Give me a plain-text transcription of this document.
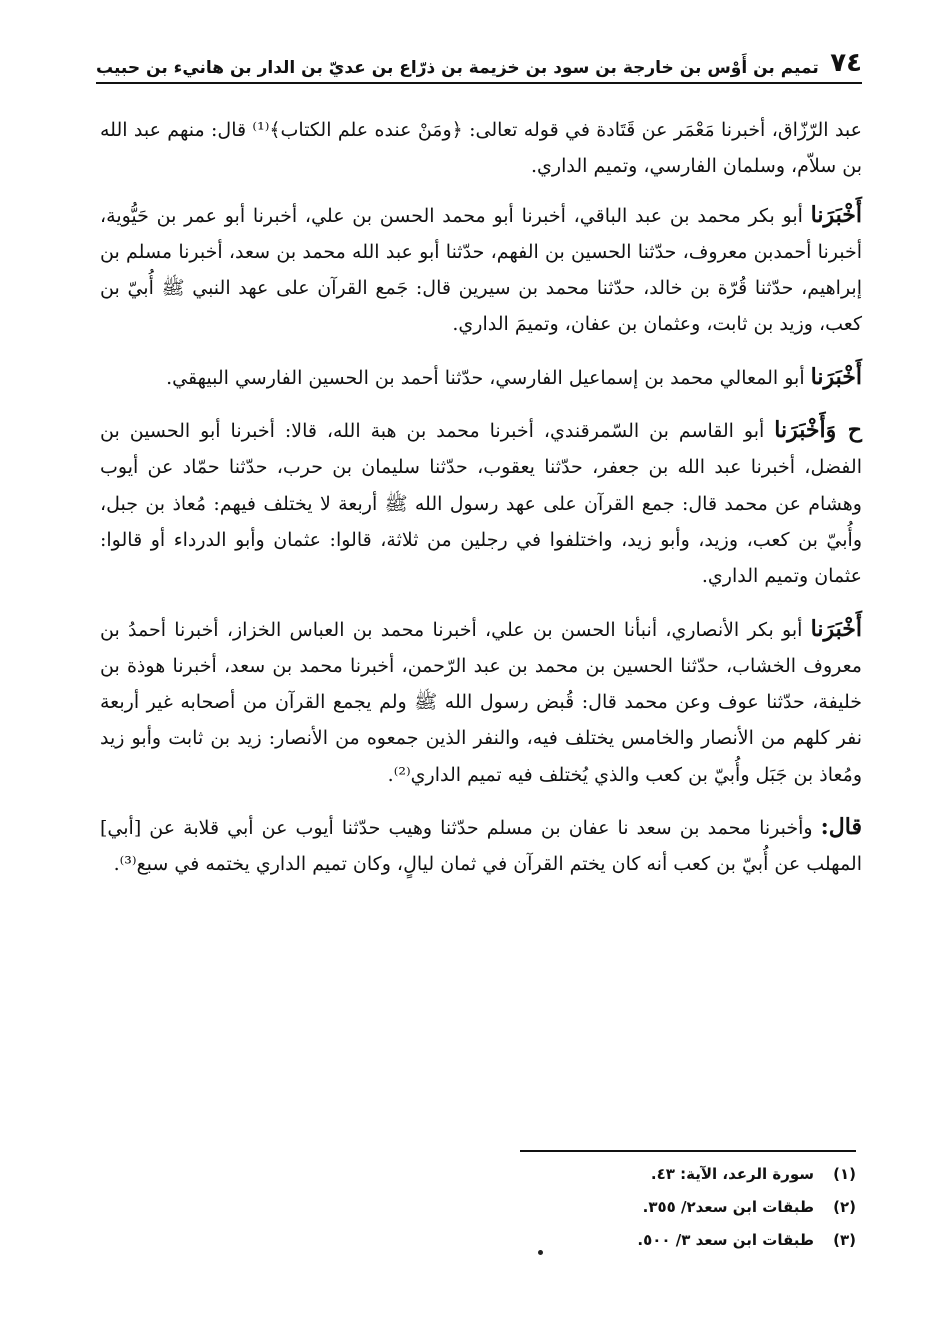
٧٤
تميم بن أَوْس بن خارجة بن سود بن خزيمة بن ذرّاع بن عديّ بن الدار بن هانيء بن حبيب

عبد الرّزّاق، أخبرنا مَعْمَر عن قَتَادة في قوله تعالى: ﴿ومَنْ عنده علم الكتاب﴾⁽¹⁾ قال: منهم عبد الله بن سلاّم، وسلمان الفارسي، وتميم الداري.

أَخْبَرَنا أبو بكر محمد بن عبد الباقي، أخبرنا أبو محمد الحسن بن علي، أخبرنا أبو عمر بن حَيُّوية، أخبرنا أحمدبن معروف، حدّثنا الحسين بن الفهم، حدّثنا أبو عبد الله محمد بن سعد، أخبرنا مسلم بن إبراهيم، حدّثنا قُرّة بن خالد، حدّثنا محمد بن سيرين قال: جَمع القرآن على عهد النبي ﷺ أُبيّ بن كعب، وزيد بن ثابت، وعثمان بن عفان، وتميمَ الداري.

أَخْبَرَنا أبو المعالي محمد بن إسماعيل الفارسي، حدّثنا أحمد بن الحسين الفارسي البيهقي.

ح وَأَخْبَرَنا أبو القاسم بن السّمرقندي، أخبرنا محمد بن هبة الله، قالا: أخبرنا أبو الحسين بن الفضل، أخبرنا عبد الله بن جعفر، حدّثنا يعقوب، حدّثنا سليمان بن حرب، حدّثنا حمّاد عن أيوب وهشام عن محمد قال: جمع القرآن على عهد رسول الله ﷺ أربعة لا يختلف فيهم: مُعاذ بن جبل، وأُبيّ بن كعب، وزيد، وأبو زيد، واختلفوا في رجلين من ثلاثة، قالوا: عثمان وأبو الدرداء أو قالوا: عثمان وتميم الداري.

أَخْبَرَنا أبو بكر الأنصاري، أنبأنا الحسن بن علي، أخبرنا محمد بن العباس الخزاز، أخبرنا أحمدُ بن معروف الخشاب، حدّثنا الحسين بن محمد بن عبد الرّحمن، أخبرنا محمد بن سعد، أخبرنا هوذة بن خليفة، حدّثنا عوف وعن محمد قال: قُبض رسول الله ﷺ ولم يجمع القرآن من أصحابه غير أربعة نفر كلهم من الأنصار والخامس يختلف فيه، والنفر الذين جمعوه من الأنصار: زيد بن ثابت وأبو زيد ومُعاذ بن جَبَل وأُبيّ بن كعب والذي يُختلف فيه تميم الداري⁽²⁾.

قال: وأخبرنا محمد بن سعد نا عفان بن مسلم حدّثنا وهيب حدّثنا أيوب عن أبي قلابة عن [أبي] المهلب عن أُبيّ بن كعب أنه كان يختم القرآن في ثمان ليالٍ، وكان تميم الداري يختمه في سبع⁽³⁾.

(١)سورة الرعد، الآية: ٤٣.
(٢)طبقات ابن سعد٢/ ٣٥٥.
(٣)طبقات ابن سعد ٣/ ٥٠٠.
